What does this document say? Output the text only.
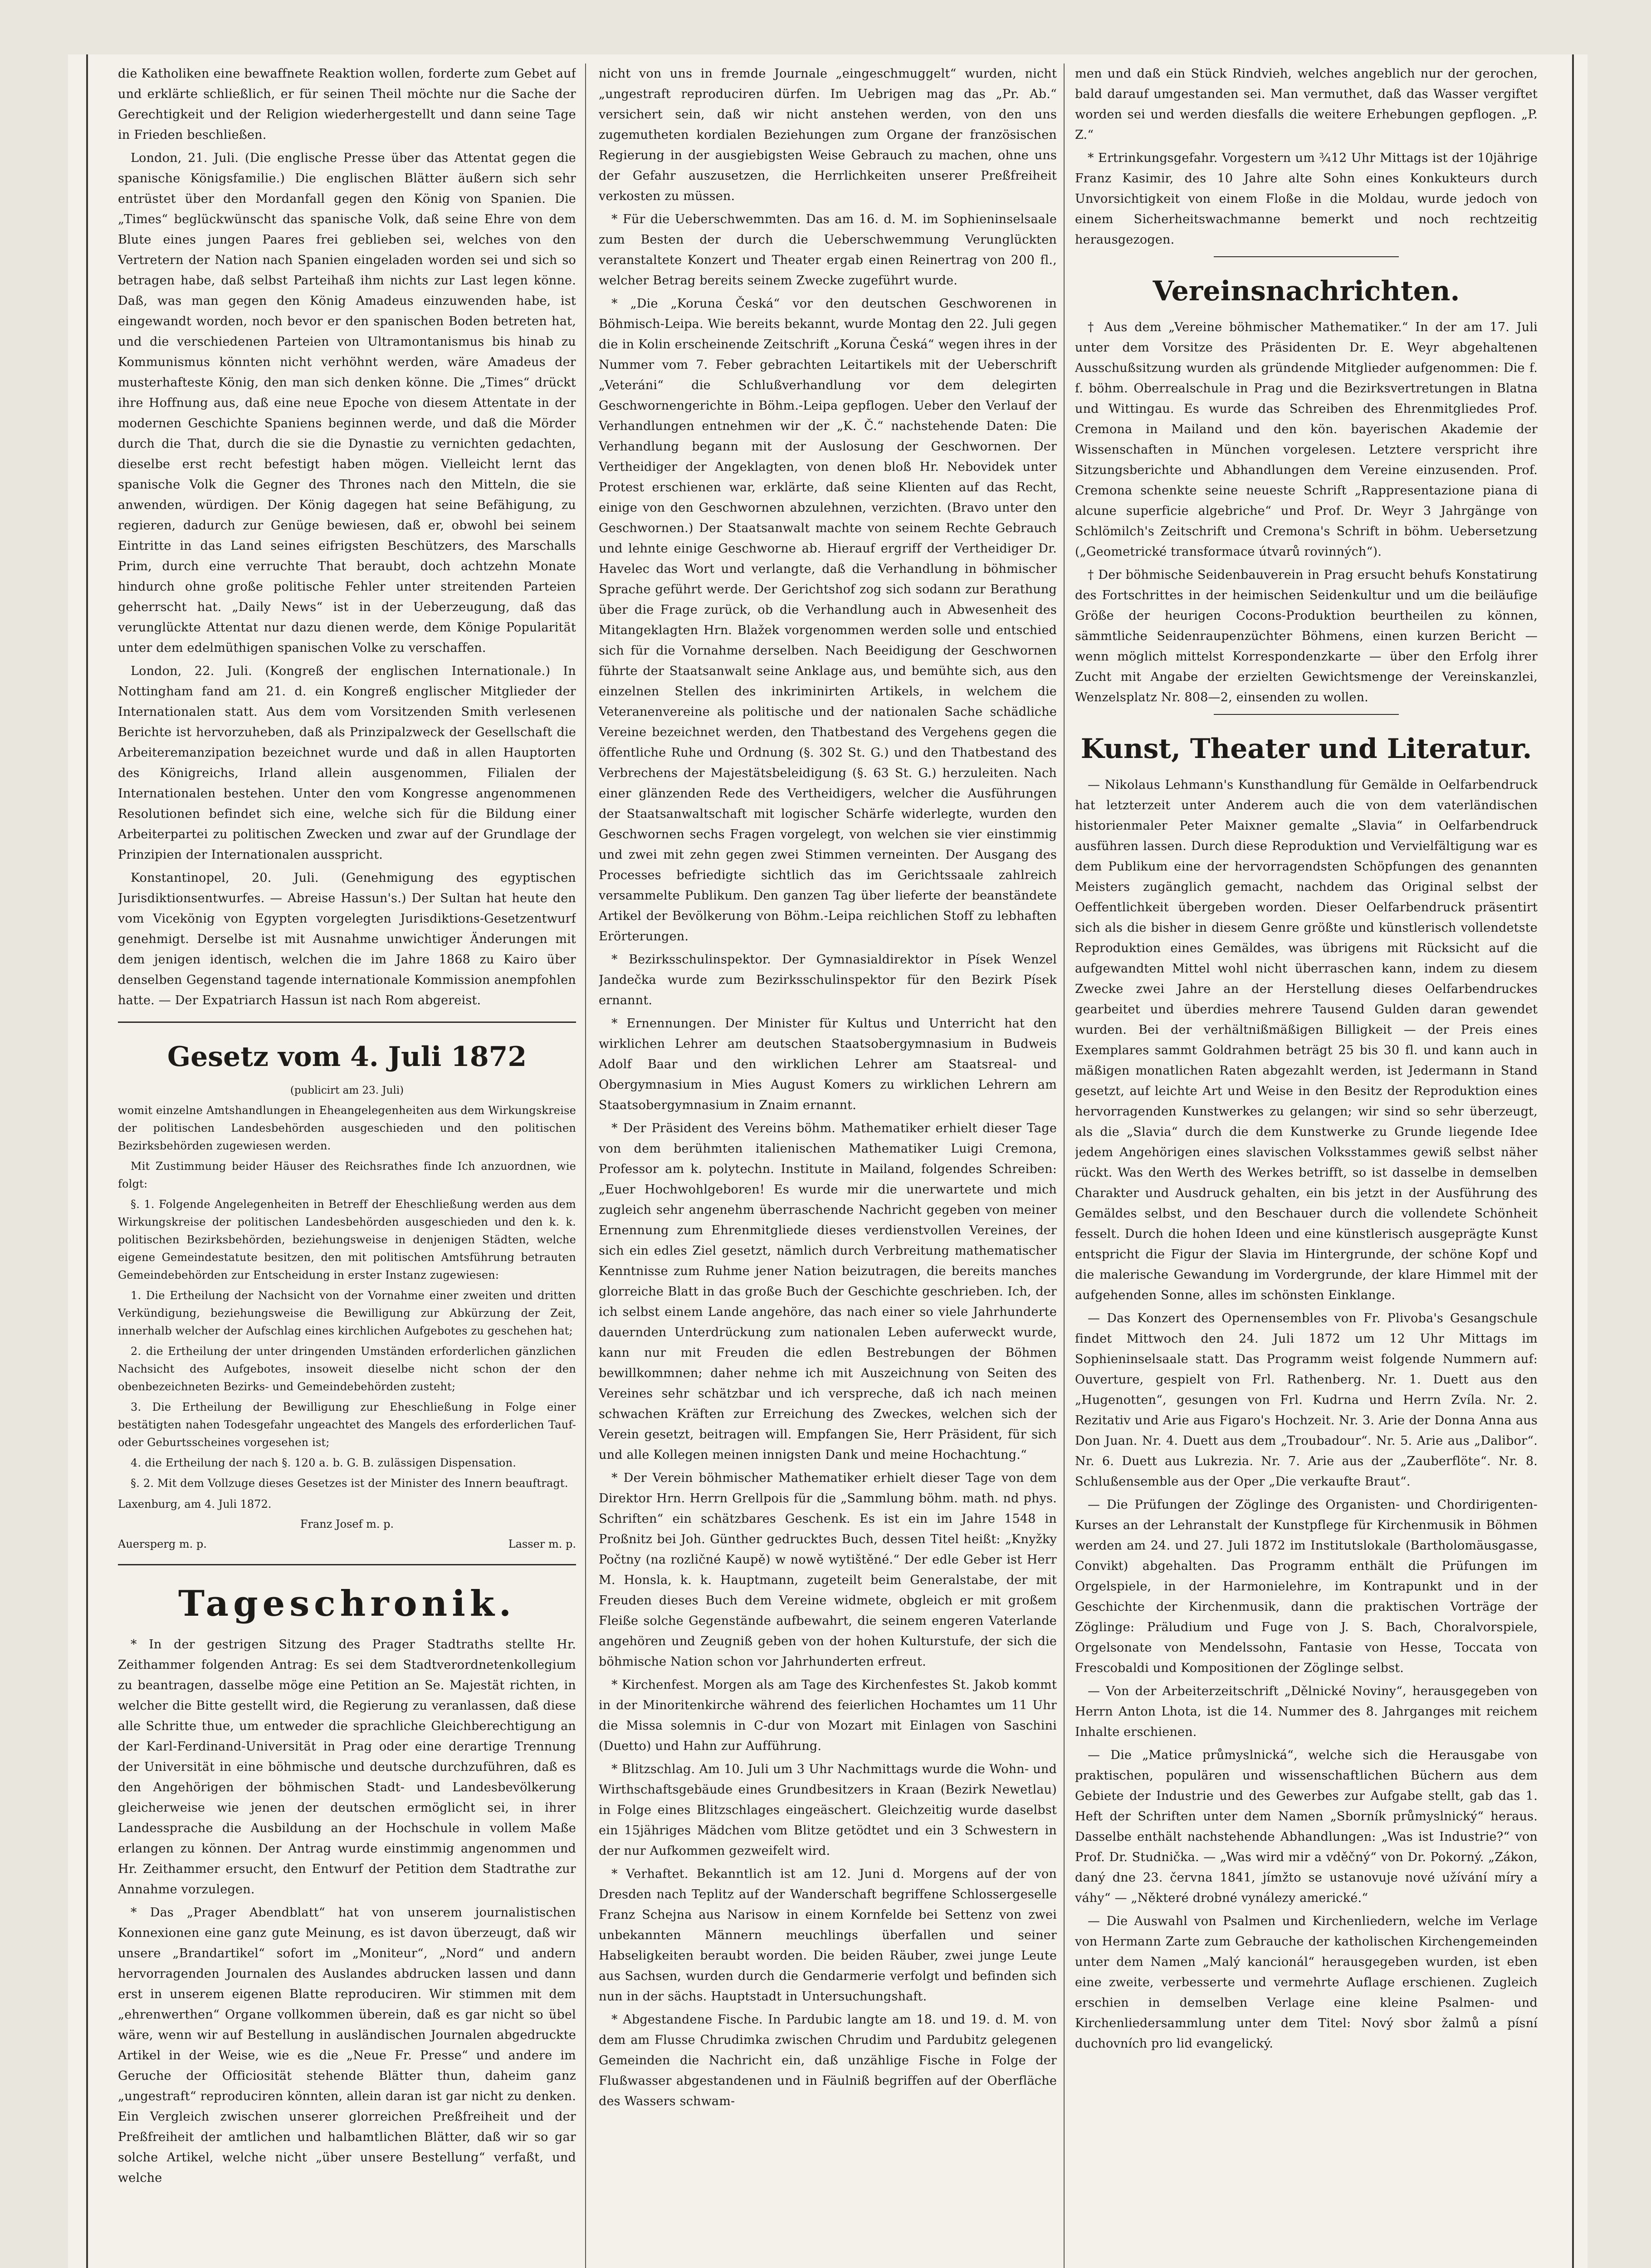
die Katholiken eine bewaffnete Reaktion wollen, forderte zum Gebet auf und erklärte schließlich, er für seinen Theil möchte nur die Sache der Gerechtigkeit und der Religion wiederhergestellt und dann seine Tage in Frieden beschließen.

London, 21. Juli. (Die englische Presse über das Attentat gegen die spanische Königsfamilie.) Die englischen Blätter äußern sich sehr entrüstet über den Mordanfall gegen den König von Spanien. Die „Times“ beglückwünscht das spanische Volk, daß seine Ehre von dem Blute eines jungen Paares frei geblieben sei, welches von den Vertretern der Nation nach Spanien eingeladen worden sei und sich so betragen habe, daß selbst Parteihaß ihm nichts zur Last legen könne. Daß, was man gegen den König Amadeus einzuwenden habe, ist eingewandt worden, noch bevor er den spanischen Boden betreten hat, und die verschiedenen Parteien von Ultramontanismus bis hinab zu Kommunismus könnten nicht verhöhnt werden, wäre Amadeus der musterhafteste König, den man sich denken könne. Die „Times“ drückt ihre Hoffnung aus, daß eine neue Epoche von diesem Attentate in der modernen Geschichte Spaniens beginnen werde, und daß die Mörder durch die That, durch die sie die Dynastie zu vernichten gedachten, dieselbe erst recht befestigt haben mögen. Vielleicht lernt das spanische Volk die Gegner des Thrones nach den Mitteln, die sie anwenden, würdigen. Der König dagegen hat seine Befähigung, zu regieren, dadurch zur Genüge bewiesen, daß er, obwohl bei seinem Eintritte in das Land seines eifrigsten Beschützers, des Marschalls Prim, durch eine verruchte That beraubt, doch achtzehn Monate hindurch ohne große politische Fehler unter streitenden Parteien geherrscht hat. „Daily News“ ist in der Ueberzeugung, daß das verunglückte Attentat nur dazu dienen werde, dem Könige Popularität unter dem edelmüthigen spanischen Volke zu verschaffen.

London, 22. Juli. (Kongreß der englischen Internationale.) In Nottingham fand am 21. d. ein Kongreß englischer Mitglieder der Internationalen statt. Aus dem vom Vorsitzenden Smith verlesenen Berichte ist hervorzuheben, daß als Prinzipalzweck der Gesellschaft die Arbeiteremanzipation bezeichnet wurde und daß in allen Hauptorten des Königreichs, Irland allein ausgenommen, Filialen der Internationalen bestehen. Unter den vom Kongresse angenommenen Resolutionen befindet sich eine, welche sich für die Bildung einer Arbeiterpartei zu politischen Zwecken und zwar auf der Grundlage der Prinzipien der Internationalen ausspricht.

Konstantinopel, 20. Juli. (Genehmigung des egyptischen Jurisdiktionsentwurfes. — Abreise Hassun's.) Der Sultan hat heute den vom Vicekönig von Egypten vorgelegten Jurisdiktions-Gesetzentwurf genehmigt. Derselbe ist mit Ausnahme unwichtiger Änderungen mit dem jenigen identisch, welchen die im Jahre 1868 zu Kairo über denselben Gegenstand tagende internationale Kommission anempfohlen hatte. — Der Expatriarch Hassun ist nach Rom abgereist.

Gesetz vom 4. Juli 1872
(publicirt am 23. Juli)

womit einzelne Amtshandlungen in Eheangelegenheiten aus dem Wirkungskreise der politischen Landesbehörden ausgeschieden und den politischen Bezirksbehörden zugewiesen werden.

Mit Zustimmung beider Häuser des Reichsrathes finde Ich anzuordnen, wie folgt:

§. 1. Folgende Angelegenheiten in Betreff der Eheschließung werden aus dem Wirkungskreise der politischen Landesbehörden ausgeschieden und den k. k. politischen Bezirksbehörden, beziehungsweise in denjenigen Städten, welche eigene Gemeindestatute besitzen, den mit politischen Amtsführung betrauten Gemeindebehörden zur Entscheidung in erster Instanz zugewiesen:

1. Die Ertheilung der Nachsicht von der Vornahme einer zweiten und dritten Verkündigung, beziehungsweise die Bewilligung zur Abkürzung der Zeit, innerhalb welcher der Aufschlag eines kirchlichen Aufgebotes zu geschehen hat;

2. die Ertheilung der unter dringenden Umständen erforderlichen gänzlichen Nachsicht des Aufgebotes, insoweit dieselbe nicht schon der den obenbezeichneten Bezirks- und Gemeindebehörden zusteht;

3. Die Ertheilung der Bewilligung zur Eheschließung in Folge einer bestätigten nahen Todesgefahr ungeachtet des Mangels des erforderlichen Tauf- oder Geburtsscheines vorgesehen ist;

4. die Ertheilung der nach §. 120 a. b. G. B. zulässigen Dispensation.

§. 2. Mit dem Vollzuge dieses Gesetzes ist der Minister des Innern beauftragt.

Laxenburg, am 4. Juli 1872.
Franz Josef m. p.
Auersperg m. p.	Lasser m. p.
Tageschronik.

* In der gestrigen Sitzung des Prager Stadtraths stellte Hr. Zeithammer folgenden Antrag: Es sei dem Stadtverordnetenkollegium zu beantragen, dasselbe möge eine Petition an Se. Majestät richten, in welcher die Bitte gestellt wird, die Regierung zu veranlassen, daß diese alle Schritte thue, um entweder die sprachliche Gleichberechtigung an der Karl-Ferdinand-Universität in Prag oder eine derartige Trennung der Universität in eine böhmische und deutsche durchzuführen, daß es den Angehörigen der böhmischen Stadt- und Landesbevölkerung gleicherweise wie jenen der deutschen ermöglicht sei, in ihrer Landessprache die Ausbildung an der Hochschule in vollem Maße erlangen zu können. Der Antrag wurde einstimmig angenommen und Hr. Zeithammer ersucht, den Entwurf der Petition dem Stadtrathe zur Annahme vorzulegen.

* Das „Prager Abendblatt“ hat von unserem journalistischen Konnexionen eine ganz gute Meinung, es ist davon überzeugt, daß wir unsere „Brandartikel“ sofort im „Moniteur“, „Nord“ und andern hervorragenden Journalen des Auslandes abdrucken lassen und dann erst in unserem eigenen Blatte reproduciren. Wir stimmen mit dem „ehrenwerthen“ Organe vollkommen überein, daß es gar nicht so übel wäre, wenn wir auf Bestellung in ausländischen Journalen abgedruckte Artikel in der Weise, wie es die „Neue Fr. Presse“ und andere im Geruche der Officiosität stehende Blätter thun, daheim ganz „ungestraft“ reproduciren könnten, allein daran ist gar nicht zu denken. Ein Vergleich zwischen unserer glorreichen Preßfreiheit und der Preßfreiheit der amtlichen und halbamtlichen Blätter, daß wir so gar solche Artikel, welche nicht „über unsere Bestellung“ verfaßt, und welche

nicht von uns in fremde Journale „eingeschmuggelt“ wurden, nicht „ungestraft reproduciren dürfen. Im Uebrigen mag das „Pr. Ab.“ versichert sein, daß wir nicht anstehen werden, von den uns zugemutheten kordialen Beziehungen zum Organe der französischen Regierung in der ausgiebigsten Weise Gebrauch zu machen, ohne uns der Gefahr auszusetzen, die Herrlichkeiten unserer Preßfreiheit verkosten zu müssen.

* Für die Ueberschwemmten. Das am 16. d. M. im Sophieninselsaale zum Besten der durch die Ueberschwemmung Verunglückten veranstaltete Konzert und Theater ergab einen Reinertrag von 200 fl., welcher Betrag bereits seinem Zwecke zugeführt wurde.

* „Die „Koruna Česká“ vor den deutschen Geschworenen in Böhmisch-Leipa. Wie bereits bekannt, wurde Montag den 22. Juli gegen die in Kolin erscheinende Zeitschrift „Koruna Česká“ wegen ihres in der Nummer vom 7. Feber gebrachten Leitartikels mit der Ueberschrift „Veteráni“ die Schlußverhandlung vor dem delegirten Geschwornengerichte in Böhm.-Leipa gepflogen. Ueber den Verlauf der Verhandlungen entnehmen wir der „K. Č.“ nachstehende Daten: Die Verhandlung begann mit der Auslosung der Geschwornen. Der Vertheidiger der Angeklagten, von denen bloß Hr. Nebovidek unter Protest erschienen war, erklärte, daß seine Klienten auf das Recht, einige von den Geschwornen abzulehnen, verzichten. (Bravo unter den Geschwornen.) Der Staatsanwalt machte von seinem Rechte Gebrauch und lehnte einige Geschworne ab. Hierauf ergriff der Vertheidiger Dr. Havelec das Wort und verlangte, daß die Verhandlung in böhmischer Sprache geführt werde. Der Gerichtshof zog sich sodann zur Berathung über die Frage zurück, ob die Verhandlung auch in Abwesenheit des Mitangeklagten Hrn. Blažek vorgenommen werden solle und entschied sich für die Vornahme derselben. Nach Beeidigung der Geschwornen führte der Staatsanwalt seine Anklage aus, und bemühte sich, aus den einzelnen Stellen des inkriminirten Artikels, in welchem die Veteranenvereine als politische und der nationalen Sache schädliche Vereine bezeichnet werden, den Thatbestand des Vergehens gegen die öffentliche Ruhe und Ordnung (§. 302 St. G.) und den Thatbestand des Verbrechens der Majestätsbeleidigung (§. 63 St. G.) herzuleiten. Nach einer glänzenden Rede des Vertheidigers, welcher die Ausführungen der Staatsanwaltschaft mit logischer Schärfe widerlegte, wurden den Geschwornen sechs Fragen vorgelegt, von welchen sie vier einstimmig und zwei mit zehn gegen zwei Stimmen verneinten. Der Ausgang des Processes befriedigte sichtlich das im Gerichtssaale zahlreich versammelte Publikum. Den ganzen Tag über lieferte der beanständete Artikel der Bevölkerung von Böhm.-Leipa reichlichen Stoff zu lebhaften Erörterungen.

* Bezirksschulinspektor. Der Gymnasialdirektor in Písek Wenzel Jandečka wurde zum Bezirksschulinspektor für den Bezirk Písek ernannt.

* Ernennungen. Der Minister für Kultus und Unterricht hat den wirklichen Lehrer am deutschen Staatsobergymnasium in Budweis Adolf Baar und den wirklichen Lehrer am Staatsreal- und Obergymnasium in Mies August Komers zu wirklichen Lehrern am Staatsobergymnasium in Znaim ernannt.

* Der Präsident des Vereins böhm. Mathematiker erhielt dieser Tage von dem berühmten italienischen Mathematiker Luigi Cremona, Professor am k. polytechn. Institute in Mailand, folgendes Schreiben: „Euer Hochwohlgeboren! Es wurde mir die unerwartete und mich zugleich sehr angenehm überraschende Nachricht gegeben von meiner Ernennung zum Ehrenmitgliede dieses verdienstvollen Vereines, der sich ein edles Ziel gesetzt, nämlich durch Verbreitung mathematischer Kenntnisse zum Ruhme jener Nation beizutragen, die bereits manches glorreiche Blatt in das große Buch der Geschichte geschrieben. Ich, der ich selbst einem Lande angehöre, das nach einer so viele Jahrhunderte dauernden Unterdrückung zum nationalen Leben auferweckt wurde, kann nur mit Freuden die edlen Bestrebungen der Böhmen bewillkommnen; daher nehme ich mit Auszeichnung von Seiten des Vereines sehr schätzbar und ich verspreche, daß ich nach meinen schwachen Kräften zur Erreichung des Zweckes, welchen sich der Verein gesetzt, beitragen will. Empfangen Sie, Herr Präsident, für sich und alle Kollegen meinen innigsten Dank und meine Hochachtung.“

* Der Verein böhmischer Mathematiker erhielt dieser Tage von dem Direktor Hrn. Herrn Grellpois für die „Sammlung böhm. math. nd phys. Schriften“ ein schätzbares Geschenk. Es ist ein im Jahre 1548 in Proßnitz bei Joh. Günther gedrucktes Buch, dessen Titel heißt: „Knyžky Počtny (na rozličné Kaupě) w nowě wytištěné.“ Der edle Geber ist Herr M. Honsla, k. k. Hauptmann, zugeteilt beim Generalstabe, der mit Freuden dieses Buch dem Vereine widmete, obgleich er mit großem Fleiße solche Gegenstände aufbewahrt, die seinem engeren Vaterlande angehören und Zeugniß geben von der hohen Kulturstufe, der sich die böhmische Nation schon vor Jahrhunderten erfreut.

* Kirchenfest. Morgen als am Tage des Kirchenfestes St. Jakob kommt in der Minoritenkirche während des feierlichen Hochamtes um 11 Uhr die Missa solemnis in C-dur von Mozart mit Einlagen von Saschini (Duetto) und Hahn zur Aufführung.

* Blitzschlag. Am 10. Juli um 3 Uhr Nachmittags wurde die Wohn- und Wirthschaftsgebäude eines Grundbesitzers in Kraan (Bezirk Newetlau) in Folge eines Blitzschlages eingeäschert. Gleichzeitig wurde daselbst ein 15jähriges Mädchen vom Blitze getödtet und ein 3 Schwestern in der nur Aufkommen gezweifelt wird.

* Verhaftet. Bekanntlich ist am 12. Juni d. Morgens auf der von Dresden nach Teplitz auf der Wanderschaft begriffene Schlossergeselle Franz Schejna aus Narisow in einem Kornfelde bei Settenz von zwei unbekannten Männern meuchlings überfallen und seiner Habseligkeiten beraubt worden. Die beiden Räuber, zwei junge Leute aus Sachsen, wurden durch die Gendarmerie verfolgt und befinden sich nun in der sächs. Hauptstadt in Untersuchungshaft.

* Abgestandene Fische. In Pardubic langte am 18. und 19. d. M. von dem am Flusse Chrudimka zwischen Chrudim und Pardubitz gelegenen Gemeinden die Nachricht ein, daß unzählige Fische in Folge der Flußwasser abgestandenen und in Fäulniß begriffen auf der Oberfläche des Wassers schwam-

men und daß ein Stück Rindvieh, welches angeblich nur der gerochen, bald darauf umgestanden sei. Man vermuthet, daß das Wasser vergiftet worden sei und werden diesfalls die weitere Erhebungen gepflogen. „P. Z.“

* Ertrinkungsgefahr. Vorgestern um ¾12 Uhr Mittags ist der 10jährige Franz Kasimir, des 10 Jahre alte Sohn eines Konkukteurs durch Unvorsichtigkeit von einem Floße in die Moldau, wurde jedoch von einem Sicherheitswachmanne bemerkt und noch rechtzeitig herausgezogen.

Vereinsnachrichten.

† Aus dem „Vereine böhmischer Mathematiker.“ In der am 17. Juli unter dem Vorsitze des Präsidenten Dr. E. Weyr abgehaltenen Ausschußsitzung wurden als gründende Mitglieder aufgenommen: Die f. f. böhm. Oberrealschule in Prag und die Bezirksvertretungen in Blatna und Wittingau. Es wurde das Schreiben des Ehrenmitgliedes Prof. Cremona in Mailand und den kön. bayerischen Akademie der Wissenschaften in München vorgelesen. Letztere verspricht ihre Sitzungsberichte und Abhandlungen dem Vereine einzusenden. Prof. Cremona schenkte seine neueste Schrift „Rappresentazione piana di alcune superficie algebriche“ und Prof. Dr. Weyr 3 Jahrgänge von Schlömilch's Zeitschrift und Cremona's Schrift in böhm. Uebersetzung („Geometrické transformace útvarů rovinných“).

† Der böhmische Seidenbauverein in Prag ersucht behufs Konstatirung des Fortschrittes in der heimischen Seidenkultur und um die beiläufige Größe der heurigen Cocons-Produktion beurtheilen zu können, sämmtliche Seidenraupenzüchter Böhmens, einen kurzen Bericht — wenn möglich mittelst Korrespondenzkarte — über den Erfolg ihrer Zucht mit Angabe der erzielten Gewichtsmenge der Vereinskanzlei, Wenzelsplatz Nr. 808—2, einsenden zu wollen.

Kunst, Theater und Literatur.

— Nikolaus Lehmann's Kunsthandlung für Gemälde in Oelfarbendruck hat letzterzeit unter Anderem auch die von dem vaterländischen historienmaler Peter Maixner gemalte „Slavia“ in Oelfarbendruck ausführen lassen. Durch diese Reproduktion und Vervielfältigung war es dem Publikum eine der hervorragendsten Schöpfungen des genannten Meisters zugänglich gemacht, nachdem das Original selbst der Oeffentlichkeit übergeben worden. Dieser Oelfarbendruck präsentirt sich als die bisher in diesem Genre größte und künstlerisch vollendetste Reproduktion eines Gemäldes, was übrigens mit Rücksicht auf die aufgewandten Mittel wohl nicht überraschen kann, indem zu diesem Zwecke zwei Jahre an der Herstellung dieses Oelfarbendruckes gearbeitet und überdies mehrere Tausend Gulden daran gewendet wurden. Bei der verhältnißmäßigen Billigkeit — der Preis eines Exemplares sammt Goldrahmen beträgt 25 bis 30 fl. und kann auch in mäßigen monatlichen Raten abgezahlt werden, ist Jedermann in Stand gesetzt, auf leichte Art und Weise in den Besitz der Reproduktion eines hervorragenden Kunstwerkes zu gelangen; wir sind so sehr überzeugt, als die „Slavia“ durch die dem Kunstwerke zu Grunde liegende Idee jedem Angehörigen eines slavischen Volksstammes gewiß selbst näher rückt. Was den Werth des Werkes betrifft, so ist dasselbe in demselben Charakter und Ausdruck gehalten, ein bis jetzt in der Ausführung des Gemäldes selbst, und den Beschauer durch die vollendete Schönheit fesselt. Durch die hohen Ideen und eine künstlerisch ausgeprägte Kunst entspricht die Figur der Slavia im Hintergrunde, der schöne Kopf und die malerische Gewandung im Vordergrunde, der klare Himmel mit der aufgehenden Sonne, alles im schönsten Einklange.

— Das Konzert des Opernensembles von Fr. Plivoba's Gesangschule findet Mittwoch den 24. Juli 1872 um 12 Uhr Mittags im Sophieninselsaale statt. Das Programm weist folgende Nummern auf: Ouverture, gespielt von Frl. Rathenberg. Nr. 1. Duett aus den „Hugenotten“, gesungen von Frl. Kudrna und Herrn Zvíla. Nr. 2. Rezitativ und Arie aus Figaro's Hochzeit. Nr. 3. Arie der Donna Anna aus Don Juan. Nr. 4. Duett aus dem „Troubadour“. Nr. 5. Arie aus „Dalibor“. Nr. 6. Duett aus Lukrezia. Nr. 7. Arie aus der „Zauberflöte“. Nr. 8. Schlußensemble aus der Oper „Die verkaufte Braut“.

— Die Prüfungen der Zöglinge des Organisten- und Chordirigenten-Kurses an der Lehranstalt der Kunstpflege für Kirchenmusik in Böhmen werden am 24. und 27. Juli 1872 im Institutslokale (Bartholomäusgasse, Convikt) abgehalten. Das Programm enthält die Prüfungen im Orgelspiele, in der Harmonielehre, im Kontrapunkt und in der Geschichte der Kirchenmusik, dann die praktischen Vorträge der Zöglinge: Präludium und Fuge von J. S. Bach, Choralvorspiele, Orgelsonate von Mendelssohn, Fantasie von Hesse, Toccata von Frescobaldi und Kompositionen der Zöglinge selbst.

— Von der Arbeiterzeitschrift „Dělnické Noviny“, herausgegeben von Herrn Anton Lhota, ist die 14. Nummer des 8. Jahrganges mit reichem Inhalte erschienen.

— Die „Matice průmyslnická“, welche sich die Herausgabe von praktischen, populären und wissenschaftlichen Büchern aus dem Gebiete der Industrie und des Gewerbes zur Aufgabe stellt, gab das 1. Heft der Schriften unter dem Namen „Sborník průmyslnický“ heraus. Dasselbe enthält nachstehende Abhandlungen: „Was ist Industrie?“ von Prof. Dr. Studnička. — „Was wird mir a vděčný“ von Dr. Pokorný. „Zákon, daný dne 23. června 1841, jímžto se ustanovuje nové užívání míry a váhy“ — „Některé drobné vynálezy americké.“

— Die Auswahl von Psalmen und Kirchenliedern, welche im Verlage von Hermann Zarte zum Gebrauche der katholischen Kirchengemeinden unter dem Namen „Malý kancionál“ herausgegeben wurden, ist eben eine zweite, verbesserte und vermehrte Auflage erschienen. Zugleich erschien in demselben Verlage eine kleine Psalmen- und Kirchenliedersammlung unter dem Titel: Nový sbor žalmů a písní duchovních pro lid evangelický.
